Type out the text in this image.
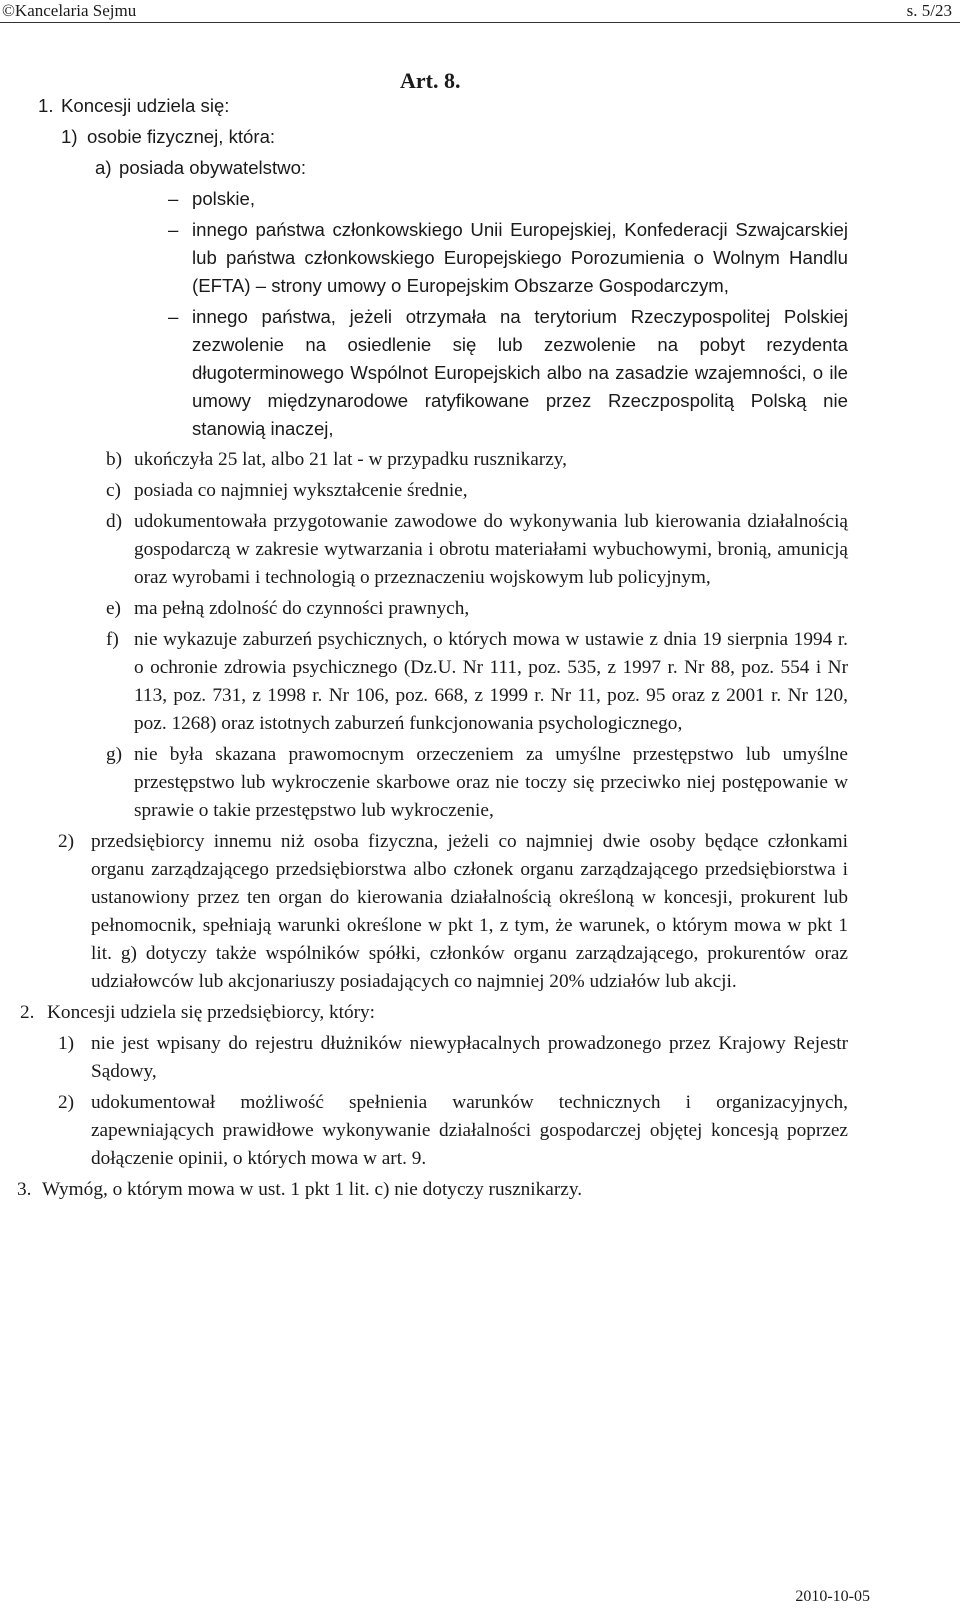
©Kancelaria Sejmu	s. 5/23
Art. 8.
1. Koncesji udziela się:
1) osobie fizycznej, która:
a) posiada obywatelstwo:
– polskie,
– innego państwa członkowskiego Unii Europejskiej, Konfederacji Szwajcarskiej lub państwa członkowskiego Europejskiego Porozumienia o Wolnym Handlu (EFTA) – strony umowy o Europejskim Obszarze Gospodarczym,
– innego państwa, jeżeli otrzymała na terytorium Rzeczypospolitej Polskiej zezwolenie na osiedlenie się lub zezwolenie na pobyt rezydenta długoterminowego Wspólnot Europejskich albo na zasadzie wzajemności, o ile umowy międzynarodowe ratyfikowane przez Rzeczpospolitą Polską nie stanowią inaczej,
b) ukończyła 25 lat, albo 21 lat - w przypadku rusznikarzy,
c) posiada co najmniej wykształcenie średnie,
d) udokumentowała przygotowanie zawodowe do wykonywania lub kierowania działalnością gospodarczą w zakresie wytwarzania i obrotu materiałami wybuchowymi, bronią, amunicją oraz wyrobami i technologią o przeznaczeniu wojskowym lub policyjnym,
e) ma pełną zdolność do czynności prawnych,
f) nie wykazuje zaburzeń psychicznych, o których mowa w ustawie z dnia 19 sierpnia 1994 r. o ochronie zdrowia psychicznego (Dz.U. Nr 111, poz. 535, z 1997 r. Nr 88, poz. 554 i Nr 113, poz. 731, z 1998 r. Nr 106, poz. 668, z 1999 r. Nr 11, poz. 95 oraz z 2001 r. Nr 120, poz. 1268) oraz istotnych zaburzeń funkcjonowania psychologicznego,
g) nie była skazana prawomocnym orzeczeniem za umyślne przestępstwo lub umyślne przestępstwo lub wykroczenie skarbowe oraz nie toczy się przeciwko niej postępowanie w sprawie o takie przestępstwo lub wykroczenie,
2) przedsiębiorcy innemu niż osoba fizyczna, jeżeli co najmniej dwie osoby będące członkami organu zarządzającego przedsiębiorstwa albo członek organu zarządzającego przedsiębiorstwa i ustanowiony przez ten organ do kierowania działalnością określoną w koncesji, prokurent lub pełnomocnik, spełniają warunki określone w pkt 1, z tym, że warunek, o którym mowa w pkt 1 lit. g) dotyczy także wspólników spółki, członków organu zarządzającego, prokurentów oraz udziałowców lub akcjonariuszy posiadających co najmniej 20% udziałów lub akcji.
2. Koncesji udziela się przedsiębiorcy, który:
1) nie jest wpisany do rejestru dłużników niewypłacalnych prowadzonego przez Krajowy Rejestr Sądowy,
2) udokumentował możliwość spełnienia warunków technicznych i organizacyjnych, zapewniających prawidłowe wykonywanie działalności gospodarczej objętej koncesją poprzez dołączenie opinii, o których mowa w art. 9.
3. Wymóg, o którym mowa w ust. 1 pkt 1 lit. c) nie dotyczy rusznikarzy.
2010-10-05
